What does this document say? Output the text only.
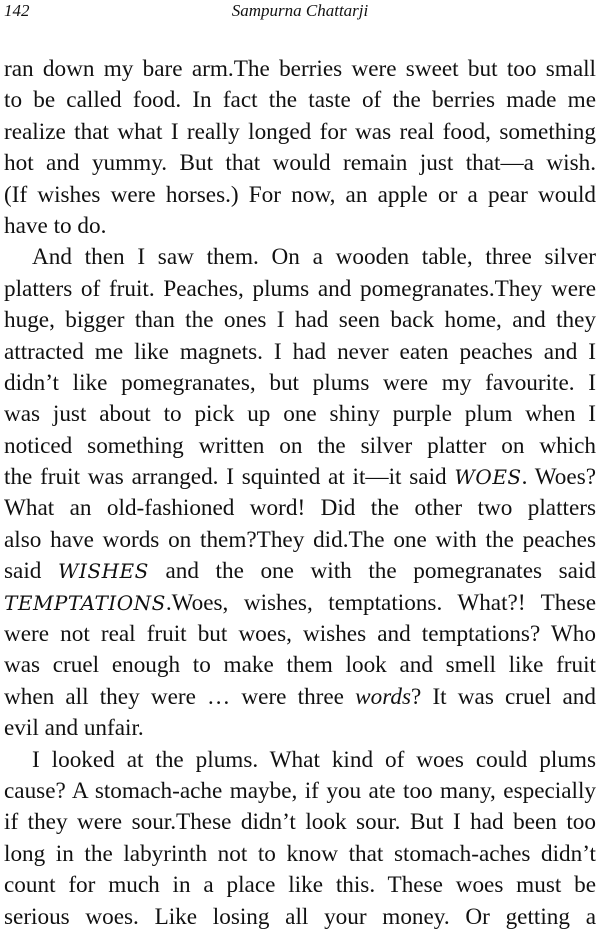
142	Sampurna Chattarji
ran down my bare arm.The berries were sweet but too small
to be called food. In fact the taste of the berries made me
realize that what I really longed for was real food, something
hot and yummy. But that would remain just that—a wish.
(If wishes were horses.) For now, an apple or a pear would
have to do.
And then I saw them. On a wooden table, three silver
platters of fruit. Peaches, plums and pomegranates.They were
huge, bigger than the ones I had seen back home, and they
attracted me like magnets. I had never eaten peaches and I
didn’t like pomegranates, but plums were my favourite. I
was just about to pick up one shiny purple plum when I
noticed something written on the silver platter on which
the fruit was arranged. I squinted at it—it said WOES. Woes?
What an old-fashioned word! Did the other two platters
also have words on them?They did.The one with the peaches
said WISHES and the one with the pomegranates said
TEMPTATIONS.Woes, wishes, temptations. What?! These
were not real fruit but woes, wishes and temptations? Who
was cruel enough to make them look and smell like fruit
when all they were … were three words? It was cruel and
evil and unfair.
I looked at the plums. What kind of woes could plums
cause? A stomach-ache maybe, if you ate too many, especially
if they were sour.These didn’t look sour. But I had been too
long in the labyrinth not to know that stomach-aches didn’t
count for much in a place like this. These woes must be
serious woes. Like losing all your money. Or getting a
